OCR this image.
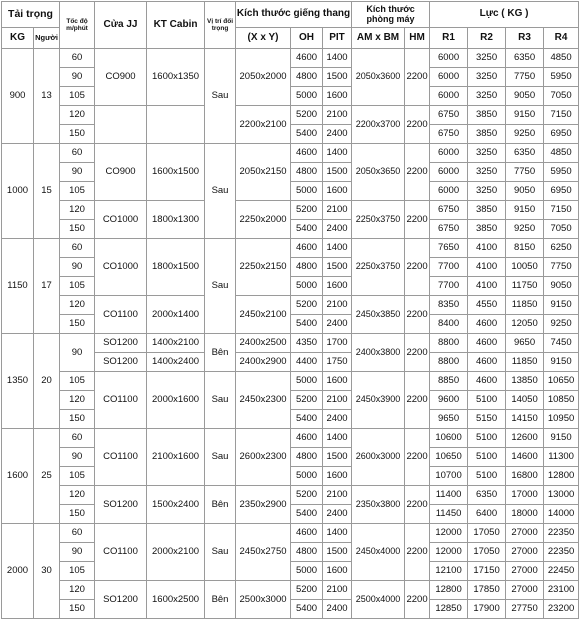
Tải trọng		Tốc độ m/phút	Cửa JJ	KT Cabin	Vị trí đối trọng	Kích thước giếng thang			Kích thước phòng máy		Lực ( KG )			
KG	Người					(X x Y)	OH	PIT	AM x BM	HM	R1	R2	R3	R4
900	13	60	CO900	1600x1350	Sau	2050x2000	4600	1400	2050x3600	2200	6000	3250	6350	4850
		90					4800	1500			6000	3250	7750	5950
		105					5000	1600			6000	3250	9050	7050
		120				2200x2100	5200	2100	2200x3700	2200	6750	3850	9150	7150
		150					5400	2400			6750	3850	9250	6950
1000	15	60	CO900	1600x1500	Sau	2050x2150	4600	1400	2050x3650	2200	6000	3250	6350	4850
		90					4800	1500			6000	3250	7750	5950
		105					5000	1600			6000	3250	9050	6950
		120	CO1000	1800x1300		2250x2000	5200	2100	2250x3750	2200	6750	3850	9150	7150
		150					5400	2400			6750	3850	9250	7050
1150	17	60	CO1000	1800x1500	Sau	2250x2150	4600	1400	2250x3750	2200	7650	4100	8150	6250
		90					4800	1500			7700	4100	10050	7750
		105					5000	1600			7700	4100	11750	9050
		120	CO1100	2000x1400		2450x2100	5200	2100	2450x3850	2200	8350	4550	11850	9150
		150					5400	2400			8400	4600	12050	9250
1350	20	90	SO1200	1400x2100	Bên	2400x2500	4350	1700	2400x3800	2200	8800	4600	9650	7450
			SO1200	1400x2400		2400x2900	4400	1750			8800	4600	11850	9150
		105	CO1100	2000x1600	Sau	2450x2300	5000	1600	2450x3900	2200	8850	4600	13850	10650
		120					5200	2100			9600	5100	14050	10850
		150					5400	2400			9650	5150	14150	10950
1600	25	60	CO1100	2100x1600	Sau	2600x2300	4600	1400	2600x3000	2200	10600	5100	12600	9150
		90					4800	1500			10650	5100	14600	11300
		105					5000	1600			10700	5100	16800	12800
		120	SO1200	1500x2400	Bên	2350x2900	5200	2100	2350x3800	2200	11400	6350	17000	13000
		150					5400	2400			11450	6400	18000	14000
2000	30	60	CO1100	2000x2100	Sau	2450x2750	4600	1400	2450x4000	2200	12000	17050	27000	22350
		90					4800	1500			12000	17050	27000	22350
		105					5000	1600			12100	17150	27000	22450
		120	SO1200	1600x2500	Bên	2500x3000	5200	2100	2500x4000	2200	12800	17850	27000	23100
		150					5400	2400			12850	17900	27750	23200
